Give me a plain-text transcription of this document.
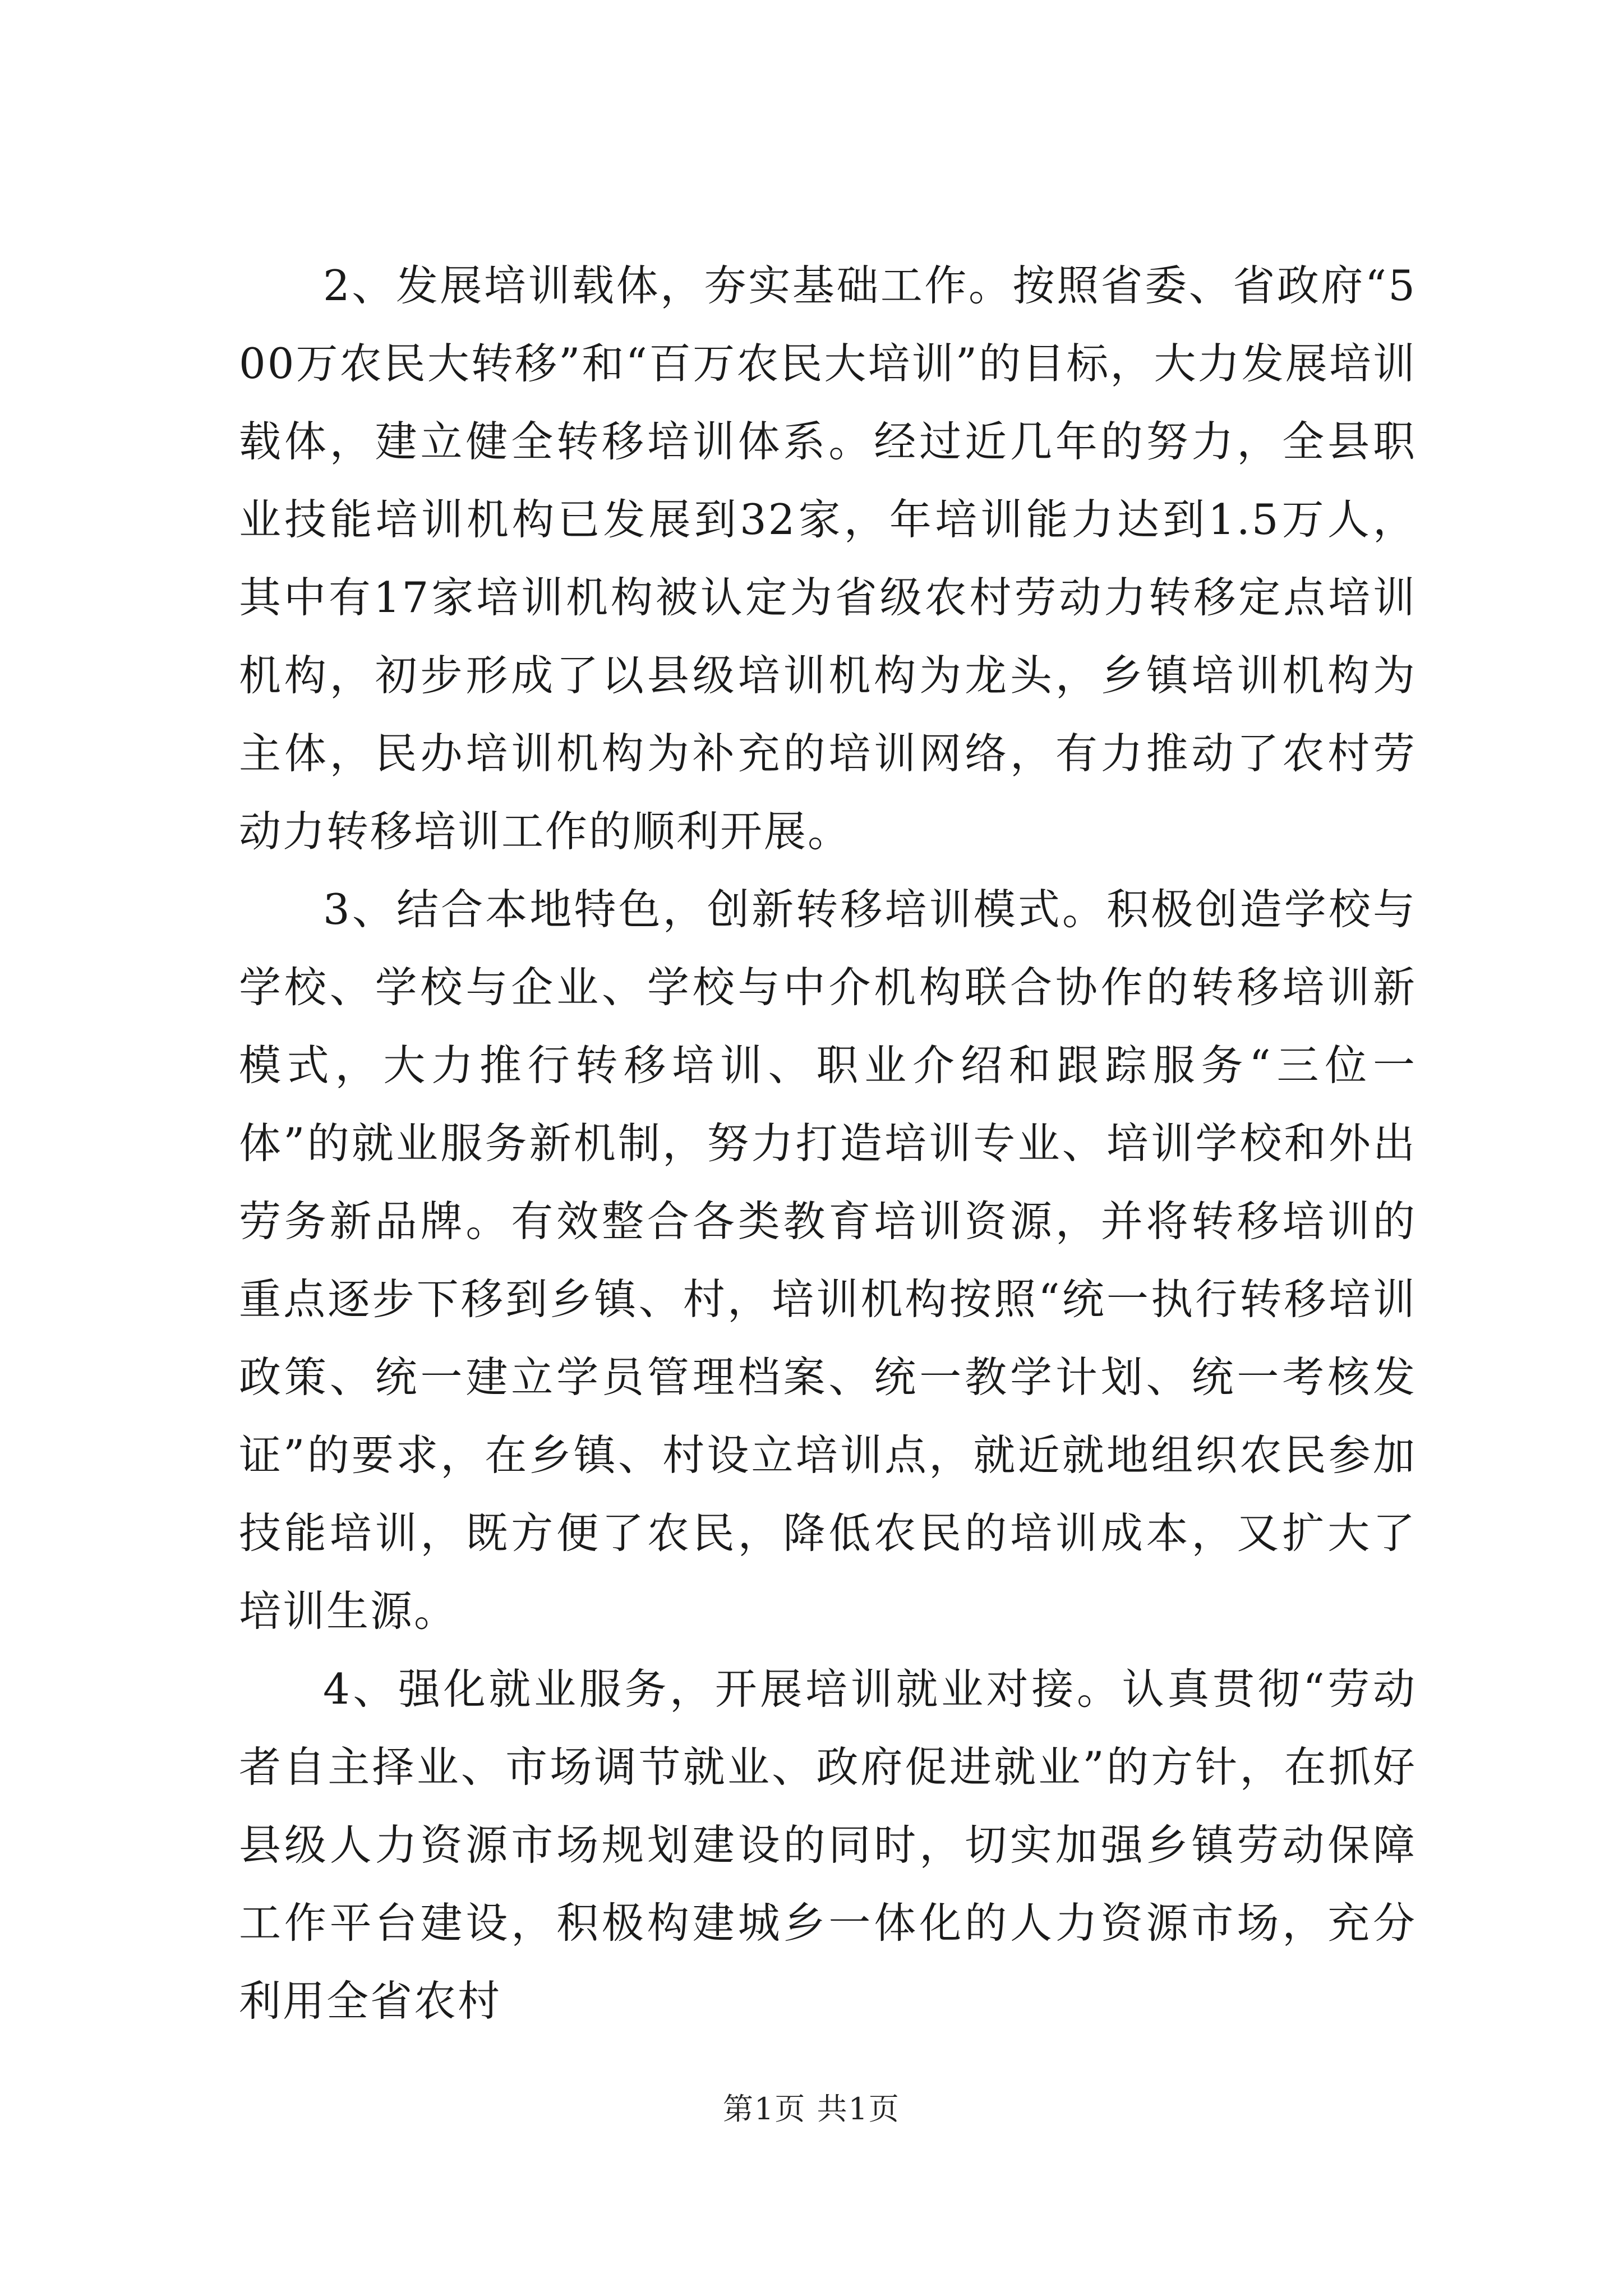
2、发展培训载体，夯实基础工作。按照省委、省政府“500万农民大转移”和“百万农民大培训”的目标，大力发展培训载体，建立健全转移培训体系。经过近几年的努力，全县职业技能培训机构已发展到32家，年培训能力达到1.5万人，其中有17家培训机构被认定为省级农村劳动力转移定点培训机构，初步形成了以县级培训机构为龙头，乡镇培训机构为主体，民办培训机构为补充的培训网络，有力推动了农村劳动力转移培训工作的顺利开展。

3、结合本地特色，创新转移培训模式。积极创造学校与学校、学校与企业、学校与中介机构联合协作的转移培训新模式，大力推行转移培训、职业介绍和跟踪服务“三位一体”的就业服务新机制，努力打造培训专业、培训学校和外出劳务新品牌。有效整合各类教育培训资源，并将转移培训的重点逐步下移到乡镇、村，培训机构按照“统一执行转移培训政策、统一建立学员管理档案、统一教学计划、统一考核发证”的要求，在乡镇、村设立培训点，就近就地组织农民参加技能培训，既方便了农民，降低农民的培训成本，又扩大了培训生源。

4、强化就业服务，开展培训就业对接。认真贯彻“劳动者自主择业、市场调节就业、政府促进就业”的方针，在抓好县级人力资源市场规划建设的同时，切实加强乡镇劳动保障工作平台建设，积极构建城乡一体化的人力资源市场，充分利用全省农村

第1页 共1页
